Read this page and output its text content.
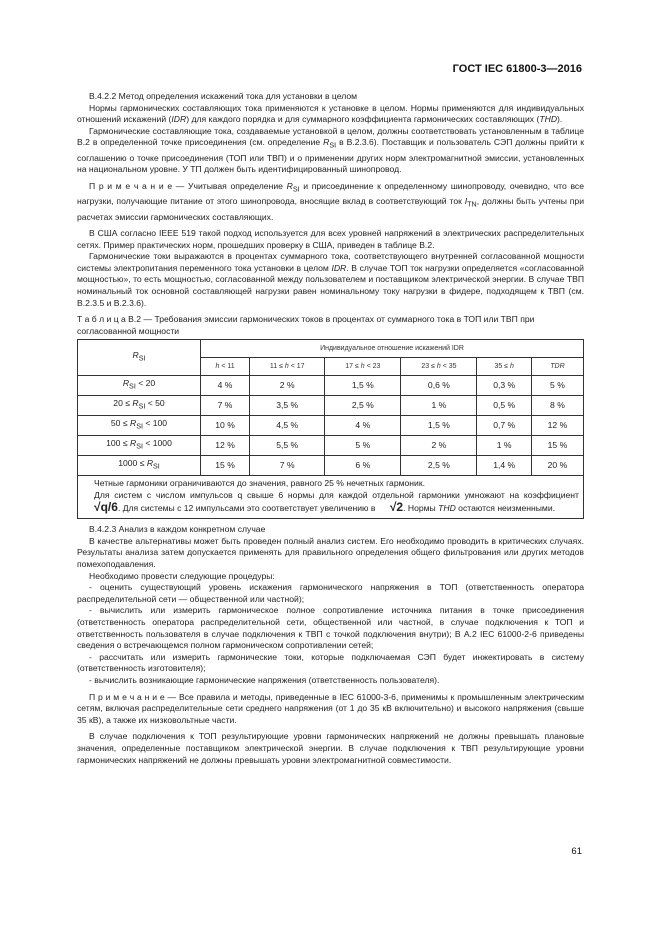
ГОСТ IEC 61800-3—2016

В.4.2.2 Метод определения искажений тока для установки в целом

Нормы гармонических составляющих тока применяются к установке в целом. Нормы применяются для индивидуальных отношений искажений (IDR) для каждого порядка и для суммарного коэффициента гармонических составляющих (THD).

Гармонические составляющие тока, создаваемые установкой в целом, должны соответствовать установленным в таблице В.2 в определенной точке присоединения (см. определение $R_{SI}$ в В.2.3.6). Поставщик и пользователь СЭП должны прийти к соглашению о точке присоединения (ТОП или ТВП) и о применении других норм электромагнитной эмиссии, установленных на национальном уровне. У ТП должен быть идентифицированный шинопровод.

П р и м е ч а н и е — Учитывая определение $R_{SI}$ и присоединение к определенному шинопроводу, очевидно, что все нагрузки, получающие питание от этого шинопровода, вносящие вклад в соответствующий ток $I_{TN}$, должны быть учтены при расчетах эмиссии гармонических составляющих.

В США согласно IEEE 519 такой подход используется для всех уровней напряжений в электрических распределительных сетях. Пример практических норм, прошедших проверку в США, приведен в таблице В.2.

Гармонические токи выражаются в процентах суммарного тока, соответствующего внутренней согласованной мощности системы электропитания переменного тока установки в целом IDR. В случае ТОП ток нагрузки определяется «согласованной мощностью», то есть мощностью, согласованной между пользователем и поставщиком электрической энергии. В случае ТВП номинальный ток основной составляющей нагрузки равен номинальному току нагрузки в фидере, подходящем к ТВП (см. В.2.3.5 и В.2.3.6).

Т а б л и ц а В.2 — Требования эмиссии гармонических токов в процентах от суммарного тока в ТОП или ТВП при согласованной мощности

$R_{SI}$	Индивидуальное отношение искажений IDR					
	h < 11	11 ≤ h < 17	17 ≤ h < 23	23 ≤ h < 35	35 ≤ h	TDR
$R_{SI} < 20$	4 %	2 %	1,5 %	0,6 %	0,3 %	5 %
$20 \le R_{SI} < 50$	7 %	3,5 %	2,5 %	1 %	0,5 %	8 %
$50 \le R_{SI} < 100$	10 %	4,5 %	4 %	1,5 %	0,7 %	12 %
$100 \le R_{SI} < 1000$	12 %	5,5 %	5 %	2 %	1 %	15 %
$1000 \le R_{SI}$	15 %	7 %	6 %	2,5 %	1,4 %	20 %

Четные гармоники ограничиваются до значения, равного 25 % нечетных гармоник.

Для систем с числом импульсов q свыше 6 нормы для каждой отдельной гармоники умножают на коэффициент √q/6. Для системы с 12 импульсами это соответствует увеличению в √2. Нормы THD остаются неизменными.						

В.4.2.3 Анализ в каждом конкретном случае

В качестве альтернативы может быть проведен полный анализ систем. Его необходимо проводить в критических случаях. Результаты анализа затем допускается применять для правильного определения общего фильтрования или других методов помехоподавления.

Необходимо провести следующие процедуры:

- оценить существующий уровень искажения гармонического напряжения в ТОП (ответственность оператора распределительной сети — общественной или частной);

- вычислить или измерить гармоническое полное сопротивление источника питания в точке присоединения (ответственность оператора распределительной сети, общественной или частной, в случае подключения к ТОП и ответственность пользователя в случае подключения к ТВП с точкой подключения внутри); В А.2 IEC 61000-2-6 приведены сведения о встречающемся полном гармоническом сопротивлении сетей;

- рассчитать или измерить гармонические токи, которые подключаемая СЭП будет инжектировать в систему (ответственность изготовителя);

- вычислить возникающие гармонические напряжения (ответственность пользователя).

П р и м е ч а н и е — Все правила и методы, приведенные в IEC 61000-3-6, применимы к промышленным электрическим сетям, включая распределительные сети среднего напряжения (от 1 до 35 кВ включительно) и высокого напряжения (свыше 35 кВ), а также их низковольтные части.

В случае подключения к ТОП результирующие уровни гармонических напряжений не должны превышать плановые значения, определенные поставщиком электрической энергии. В случае подключения к ТВП результирующие уровни гармонических напряжений не должны превышать уровни электромагнитной совместимости.

61
